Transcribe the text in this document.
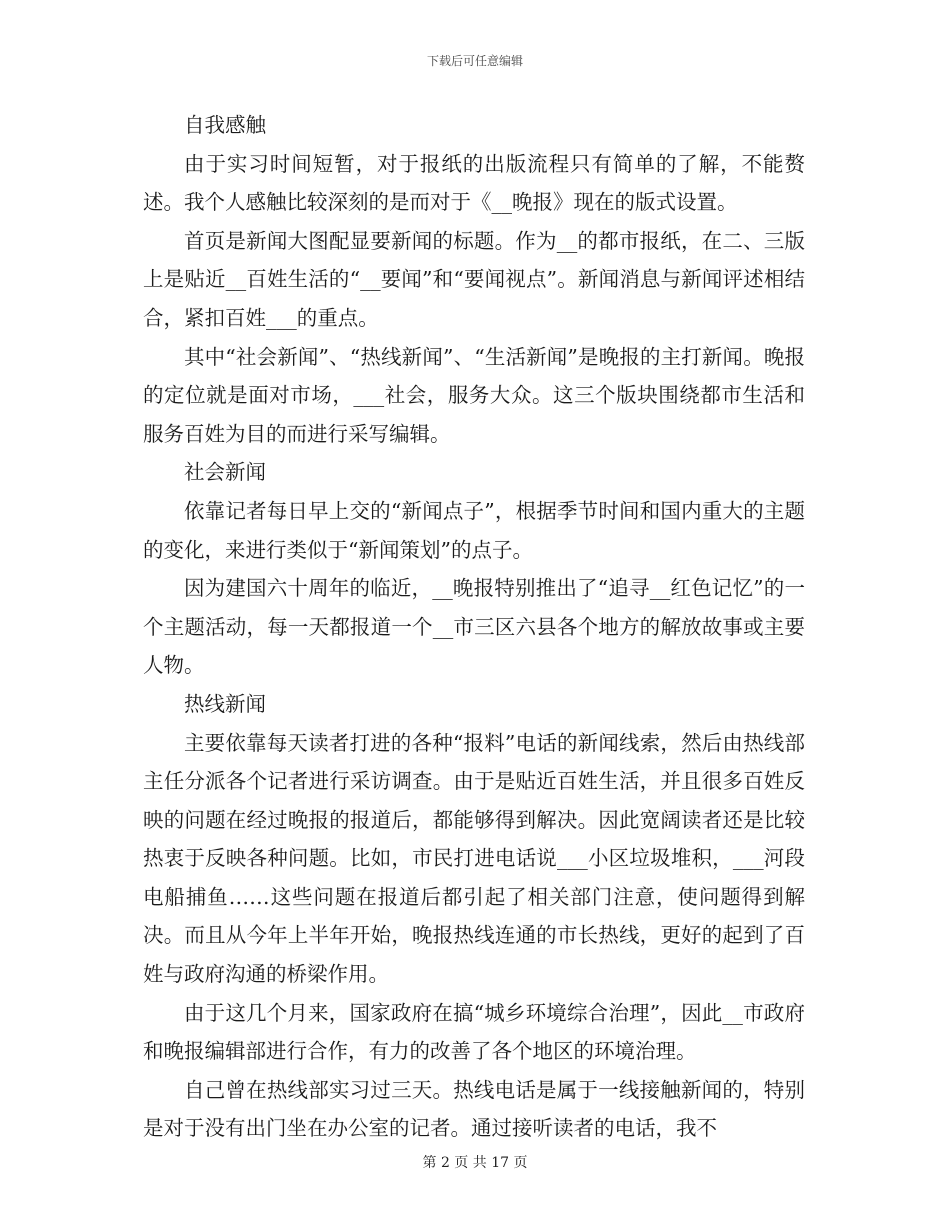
下载后可任意编辑

自我感触

由于实习时间短暂，对于报纸的出版流程只有简单的了解，不能赘述。我个人感触比较深刻的是而对于《__晚报》现在的版式设置。

首页是新闻大图配显要新闻的标题。作为__的都市报纸，在二、三版上是贴近__百姓生活的“__要闻”和“要闻视点”。新闻消息与新闻评述相结合，紧扣百姓___的重点。

其中“社会新闻”、“热线新闻”、“生活新闻”是晚报的主打新闻。晚报的定位就是面对市场，___社会，服务大众。这三个版块围绕都市生活和服务百姓为目的而进行采写编辑。

社会新闻

依靠记者每日早上交的“新闻点子”，根据季节时间和国内重大的主题的变化，来进行类似于“新闻策划”的点子。

因为建国六十周年的临近，__晚报特别推出了“追寻__红色记忆”的一个主题活动，每一天都报道一个__市三区六县各个地方的解放故事或主要人物。

热线新闻

主要依靠每天读者打进的各种“报料”电话的新闻线索，然后由热线部主任分派各个记者进行采访调查。由于是贴近百姓生活，并且很多百姓反映的问题在经过晚报的报道后，都能够得到解决。因此宽阔读者还是比较热衷于反映各种问题。比如，市民打进电话说___小区垃圾堆积，___河段电船捕鱼……这些问题在报道后都引起了相关部门注意，使问题得到解决。而且从今年上半年开始，晚报热线连通的市长热线，更好的起到了百姓与政府沟通的桥梁作用。

由于这几个月来，国家政府在搞“城乡环境综合治理”，因此__市政府和晚报编辑部进行合作，有力的改善了各个地区的环境治理。

自己曾在热线部实习过三天。热线电话是属于一线接触新闻的，特别是对于没有出门坐在办公室的记者。通过接听读者的电话，我不

第 2 页 共 17 页
